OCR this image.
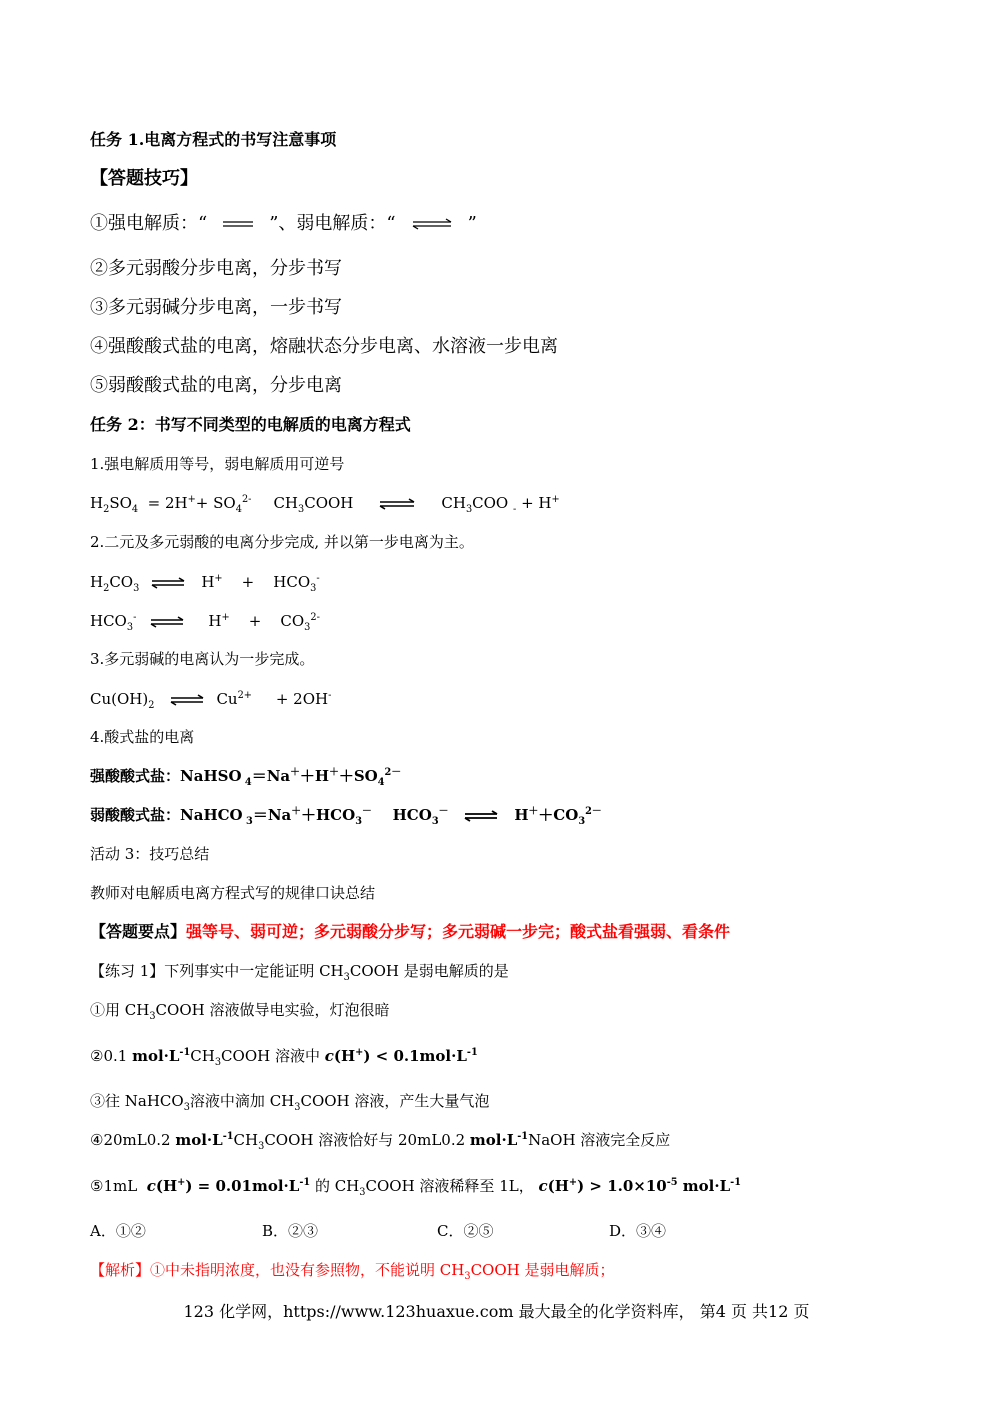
任务 1.电离方程式的书写注意事项
【答题技巧】
①强电解质：“	”、弱电解质：“ ⇌ ”
②多元弱酸分步电离，分步书写
③多元弱碱分步电离，一步书写
④强酸酸式盐的电离，熔融状态分步电离、水溶液一步电离
⑤弱酸酸式盐的电离，分步电离
任务 2：书写不同类型的电解质的电离方程式
1.强电解质用等号，弱电解质用可逆号
$H_2SO_4 = 2H^++ SO_4^{2-}$ $CH_3COOH$	$CH_3COO$ $_-$ + H+
2.二元及多元弱酸的电离分步完成, 并以第一步电离为主。
$H_2CO_3$ ⇌ H+    +    $HCO_3^-$
$HCO_3^-$ ⇌ H+    +    $CO_3^{2-}$
3.多元弱碱的电离认为一步完成。
$Cu(OH)_2$ ⇌ $Cu^{2+} + 2OH^-$
4.酸式盐的电离
强酸酸式盐：NaHSO $_4=Na^++H^++SO_4^{2-}$
弱酸酸式盐：NaHCO $_3=Na^++HCO_3^-$    $HCO_3^-$ ⇌ $H^++CO_3^{2-}$
活动 3：技巧总结
教师对电解质电离方程式写的规律口诀总结
【答题要点】强等号、弱可逆；多元弱酸分步写；多元弱碱一步完；酸式盐看强弱、看条件
【练习 1】下列事实中一定能证明 $CH_3COOH$ 是弱电解质的是
①用 $CH_3COOH$ 溶液做导电实验，灯泡很暗
②0.1 $mol\cdot L^{-1}CH_3COOH$ 溶液中 $c(H^+) < 0.1mol\cdot L^{-1}$
③往 NaHCO$_3$溶液中滴加 $CH_3COOH$ 溶液，产生大量气泡
④20mL0.2 $mol\cdot L^{-1}CH_3COOH$ 溶液恰好与 20mL0.2 $mol\cdot L^{-1}NaOH$ 溶液完全反应
⑤1mL  $c(H^+) = 0.01mol\cdot L^{-1}$ 的 $CH_3COOH$ 溶液稀释至 1L， $c(H^+) > 1.0\times 10^{-5}$ $mol\cdot L^{-1}$
A．①②	B．②③	C．②⑤	D．③④
【解析】①中未指明浓度，也没有参照物，不能说明 $CH_3COOH$ 是弱电解质；
123 化学网，https://www.123huaxue.com 最大最全的化学资料库， 第4 页 共12 页
